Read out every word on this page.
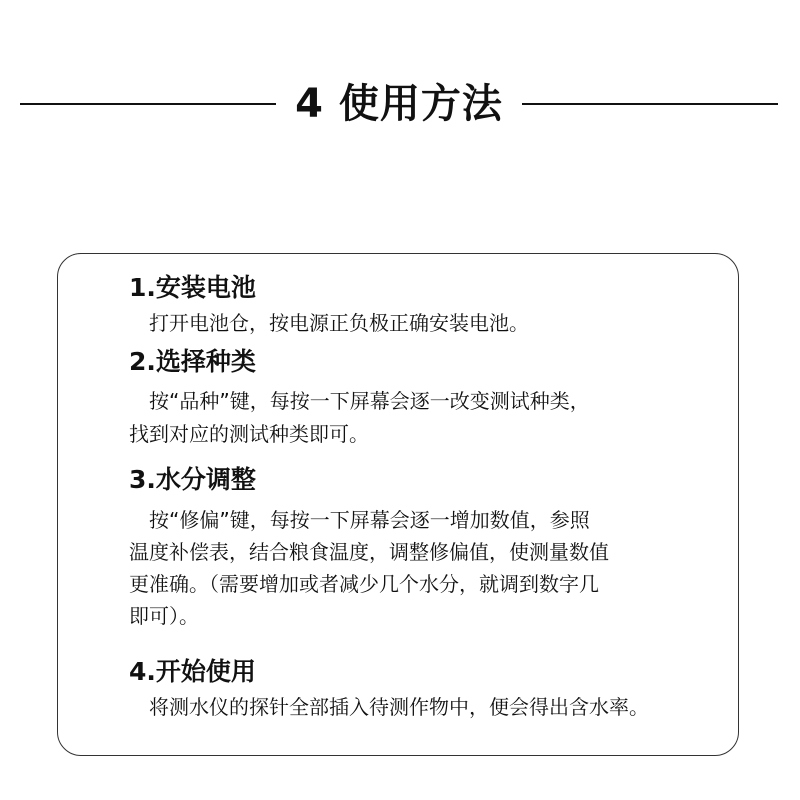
4 使用方法
1.安装电池
　打开电池仓，按电源正负极正确安装电池。
2.选择种类
　按“品种”键，每按一下屏幕会逐一改变测试种类，
找到对应的测试种类即可。
3.水分调整
　按“修偏”键，每按一下屏幕会逐一增加数值，参照
温度补偿表，结合粮食温度，调整修偏值，使测量数值
更准确。（需要增加或者减少几个水分，就调到数字几
即可）。
4.开始使用
　将测水仪的探针全部插入待测作物中，便会得出含水率。
